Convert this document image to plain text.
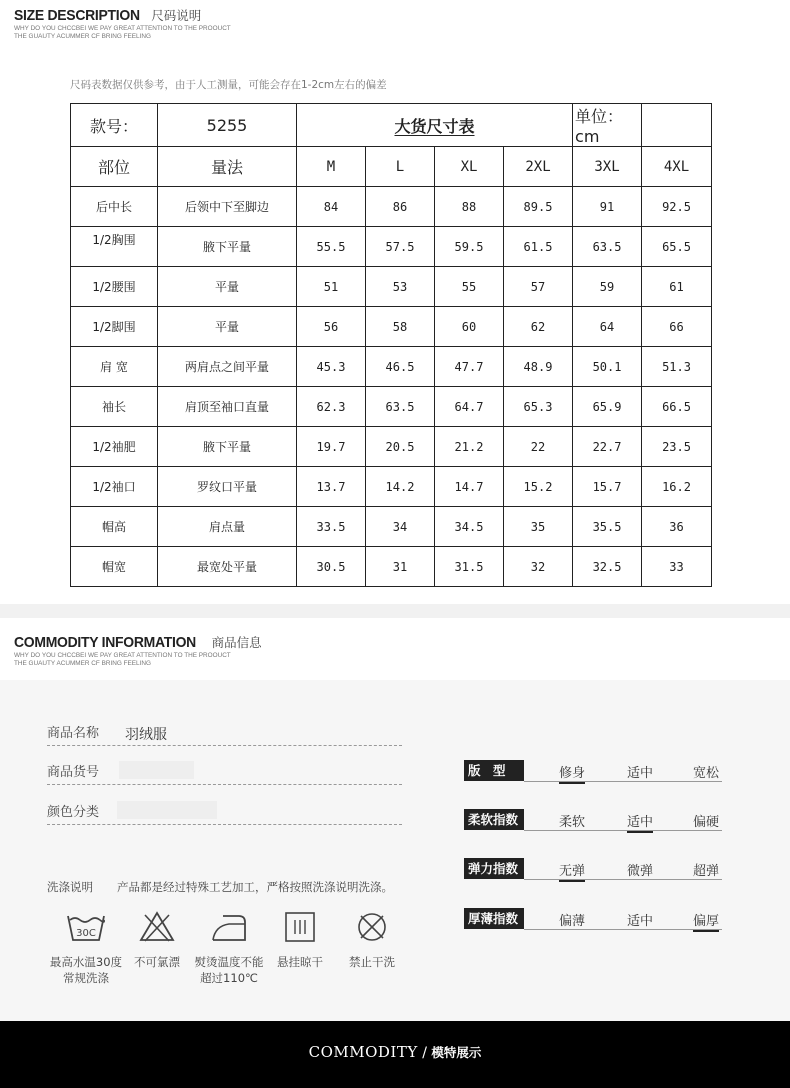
SIZE DESCRIPTION 尺码说明
WHY DO YOU CHCCBEI WE PAY GREAT ATTENTION TO THE PROOUCT THE GUAUTY ACUMMER CF BRING FEELING
尺码表数据仅供参考，由于人工测量，可能会存在1-2cm左右的偏差
款号：	5255	大货尺寸表				单位：cm	
部位	量法	M	L	XL	2XL	3XL	4XL
后中长	后领中下至脚边	84	86	88	89.5	91	92.5
1/2胸围	腋下平量	55.5	57.5	59.5	61.5	63.5	65.5
1/2腰围	平量	51	53	55	57	59	61
1/2脚围	平量	56	58	60	62	64	66
肩 宽	两肩点之间平量	45.3	46.5	47.7	48.9	50.1	51.3
袖长	肩顶至袖口直量	62.3	63.5	64.7	65.3	65.9	66.5
1/2袖肥	腋下平量	19.7	20.5	21.2	22	22.7	23.5
1/2袖口	罗纹口平量	13.7	14.2	14.7	15.2	15.7	16.2
帽高	肩点量	33.5	34	34.5	35	35.5	36
帽宽	最宽处平量	30.5	31	31.5	32	32.5	33
COMMODITY INFORMATION 商品信息
WHY DO YOU CHCCBEI WE PAY GREAT ATTENTION TO THE PROOUCT THE GUAUTY ACUMMER CF BRING FEELING
商品名称 羽绒服
商品货号
颜色分类
洗涤说明 产品都是经过特殊工艺加工，严格按照洗涤说明洗涤。
30C
最高水温30度
常规洗涤
不可氯漂	熨烫温度不能
超过110℃
悬挂晾干	禁止干洗
版　型	修身	适中	宽松
柔软指数	柔软	适中	偏硬
弹力指数	无弹	微弹	超弹
厚薄指数	偏薄	适中	偏厚
COMMODITY / 模特展示
